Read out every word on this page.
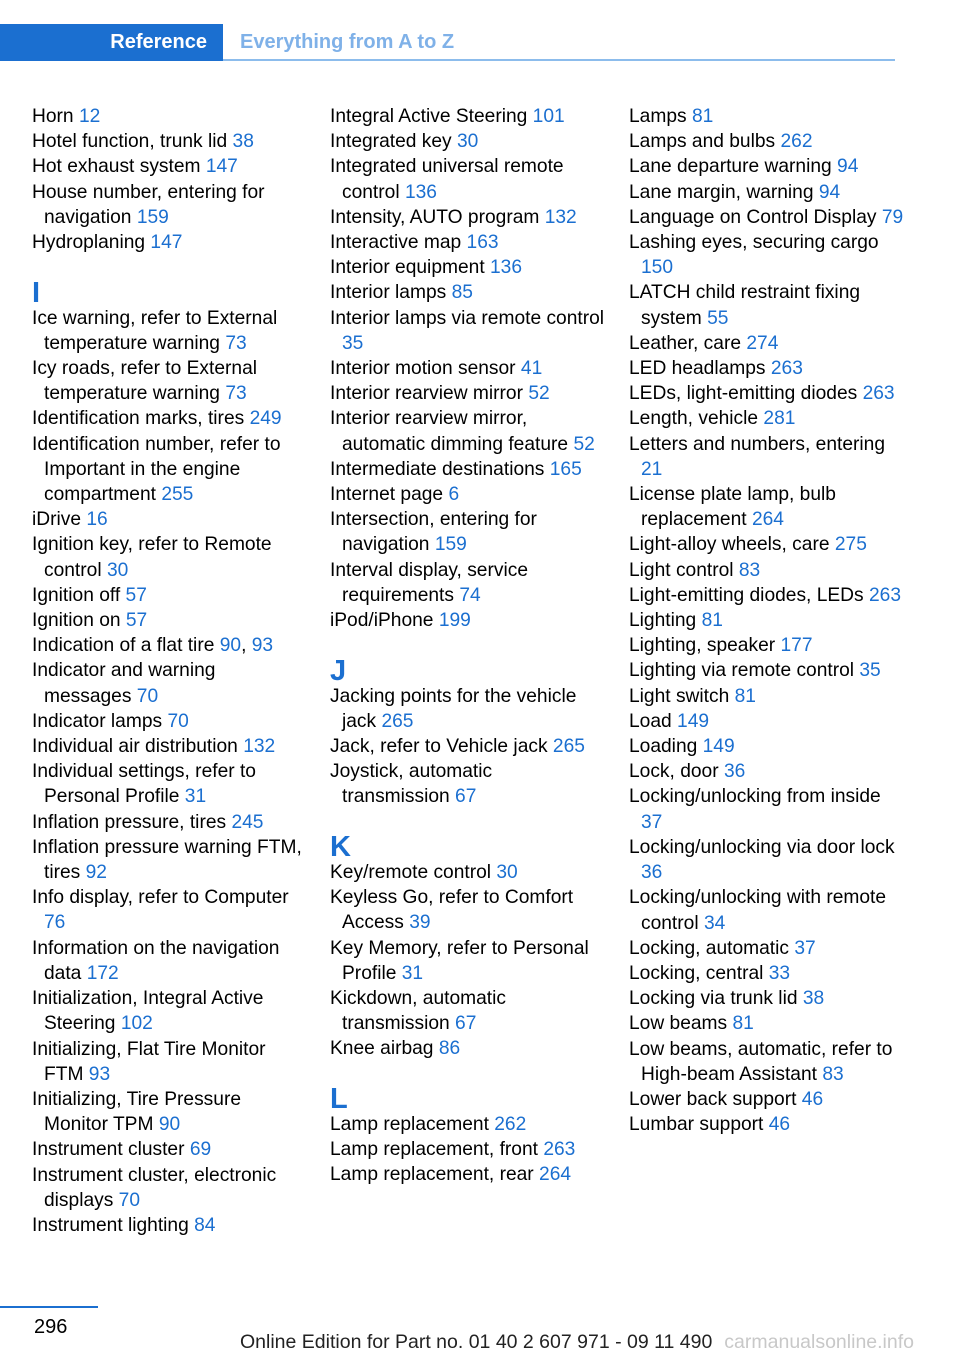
Reference Everything from A to Z
Horn 12
Hotel function, trunk lid 38
Hot exhaust system 147
House number, entering for navigation 159
Hydroplaning 147
I
Ice warning, refer to External temperature warning 73
Icy roads, refer to External temperature warning 73
Identification marks, tires 249
Identification number, refer to Important in the engine compartment 255
iDrive 16
Ignition key, refer to Remote control 30
Ignition off 57
Ignition on 57
Indication of a flat tire 90, 93
Indicator and warning messages 70
Indicator lamps 70
Individual air distribution 132
Individual settings, refer to Personal Profile 31
Inflation pressure, tires 245
Inflation pressure warning FTM, tires 92
Info display, refer to Computer 76
Information on the navigation data 172
Initialization, Integral Active Steering 102
Initializing, Flat Tire Monitor FTM 93
Initializing, Tire Pressure Monitor TPM 90
Instrument cluster 69
Instrument cluster, electronic displays 70
Instrument lighting 84
Integral Active Steering 101
Integrated key 30
Integrated universal remote control 136
Intensity, AUTO program 132
Interactive map 163
Interior equipment 136
Interior lamps 85
Interior lamps via remote control 35
Interior motion sensor 41
Interior rearview mirror 52
Interior rearview mirror, automatic dimming feature 52
Intermediate destinations 165
Internet page 6
Intersection, entering for navigation 159
Interval display, service requirements 74
iPod/iPhone 199
J
Jacking points for the vehicle jack 265
Jack, refer to Vehicle jack 265
Joystick, automatic transmission 67
K
Key/remote control 30
Keyless Go, refer to Comfort Access 39
Key Memory, refer to Personal Profile 31
Kickdown, automatic transmission 67
Knee airbag 86
L
Lamp replacement 262
Lamp replacement, front 263
Lamp replacement, rear 264
Lamps 81
Lamps and bulbs 262
Lane departure warning 94
Lane margin, warning 94
Language on Control Display 79
Lashing eyes, securing cargo 150
LATCH child restraint fixing system 55
Leather, care 274
LED headlamps 263
LEDs, light-emitting diodes 263
Length, vehicle 281
Letters and numbers, entering 21
License plate lamp, bulb replacement 264
Light-alloy wheels, care 275
Light control 83
Light-emitting diodes, LEDs 263
Lighting 81
Lighting, speaker 177
Lighting via remote control 35
Light switch 81
Load 149
Loading 149
Lock, door 36
Locking/unlocking from inside 37
Locking/unlocking via door lock 36
Locking/unlocking with remote control 34
Locking, automatic 37
Locking, central 33
Locking via trunk lid 38
Low beams 81
Low beams, automatic, refer to High-beam Assistant 83
Lower back support 46
Lumbar support 46
296
Online Edition for Part no. 01 40 2 607 971 - 09 11 490 carmanualsonline.info
